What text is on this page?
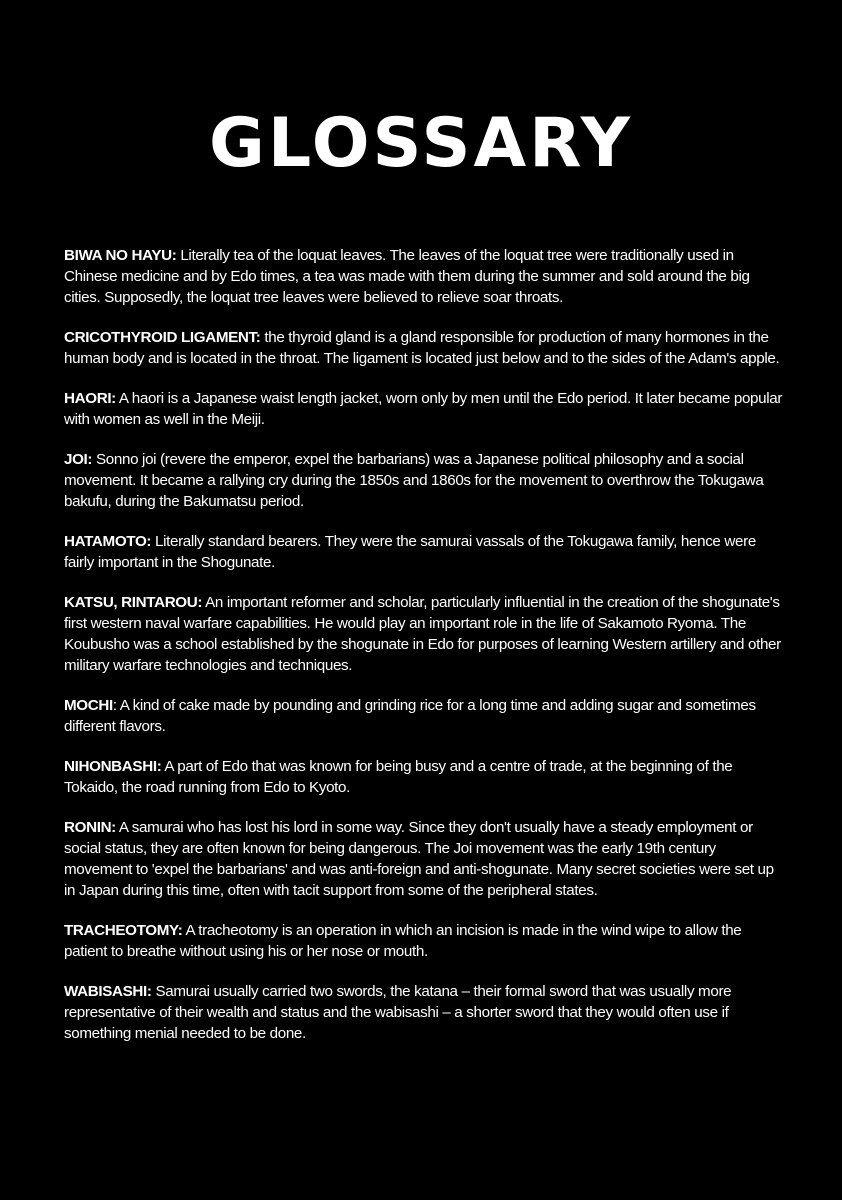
GLOSSARY

BIWA NO HAYU: Literally tea of the loquat leaves. The leaves of the loquat tree were traditionally used in Chinese medicine and by Edo times, a tea was made with them during the summer and sold around the big cities. Supposedly, the loquat tree leaves were believed to relieve soar throats.

CRICOTHYROID LIGAMENT: the thyroid gland is a gland responsible for production of many hormones in the human body and is located in the throat. The ligament is located just below and to the sides of the Adam's apple.

HAORI: A haori is a Japanese waist length jacket, worn only by men until the Edo period. It later became popular with women as well in the Meiji.

JOI: Sonno joi (revere the emperor, expel the barbarians) was a Japanese political philosophy and a social movement. It became a rallying cry during the 1850s and 1860s for the movement to overthrow the Tokugawa bakufu, during the Bakumatsu period.

HATAMOTO: Literally standard bearers. They were the samurai vassals of the Tokugawa family, hence were fairly important in the Shogunate.

KATSU, RINTAROU: An important reformer and scholar, particularly influential in the creation of the shogunate's first western naval warfare capabilities. He would play an important role in the life of Sakamoto Ryoma. The Koubusho was a school established by the shogunate in Edo for purposes of learning Western artillery and other military warfare technologies and techniques.

MOCHI: A kind of cake made by pounding and grinding rice for a long time and adding sugar and sometimes different flavors.

NIHONBASHI: A part of Edo that was known for being busy and a centre of trade, at the beginning of the Tokaido, the road running from Edo to Kyoto.

RONIN: A samurai who has lost his lord in some way. Since they don't usually have a steady employment or social status, they are often known for being dangerous. The Joi movement was the early 19th century movement to 'expel the barbarians' and was anti-foreign and anti-shogunate. Many secret societies were set up in Japan during this time, often with tacit support from some of the peripheral states.

TRACHEOTOMY: A tracheotomy is an operation in which an incision is made in the wind wipe to allow the patient to breathe without using his or her nose or mouth.

WABISASHI: Samurai usually carried two swords, the katana – their formal sword that was usually more representative of their wealth and status and the wabisashi – a shorter sword that they would often use if something menial needed to be done.
